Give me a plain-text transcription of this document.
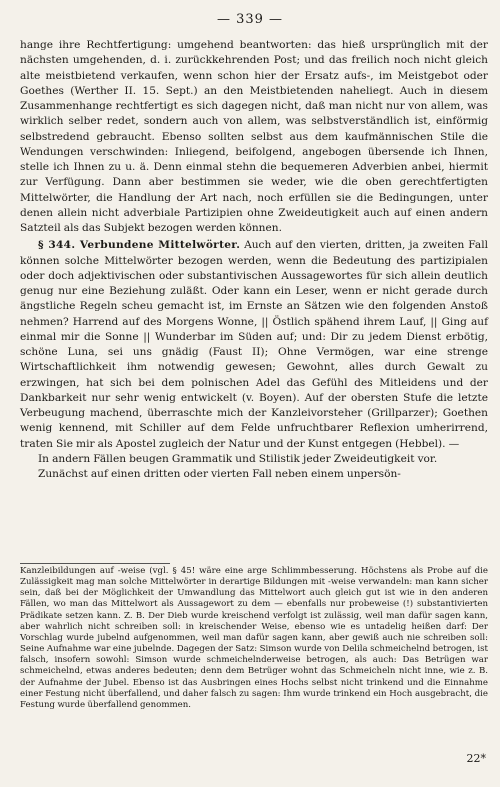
— 339 —

hange ihre Rechtfertigung: umgehend beantworten: das hieß ursprünglich mit der nächsten umgehenden, d. i. zurückkehrenden Post; und das freilich noch nicht gleich alte meistbietend verkaufen, wenn schon hier der Ersatz aufs-, im Meistgebot oder Goethes (Werther II. 15. Sept.) an den Meistbietenden naheliegt. Auch in diesem Zusammenhange rechtfertigt es sich dagegen nicht, daß man nicht nur von allem, was wirklich selber redet, sondern auch von allem, was selbstverständlich ist, einförmig selbstredend gebraucht. Ebenso sollten selbst aus dem kaufmännischen Stile die Wendungen verschwinden: Inliegend, beifolgend, angebogen übersende ich Ihnen, stelle ich Ihnen zu u. ä. Denn einmal stehn die bequemeren Adverbien anbei, hiermit zur Verfügung. Dann aber bestimmen sie weder, wie die oben gerechtfertigten Mittelwörter, die Handlung der Art nach, noch erfüllen sie die Bedingungen, unter denen allein nicht adverbiale Partizipien ohne Zweideutigkeit auch auf einen andern Satzteil als das Subjekt bezogen werden können.

§ 344. Verbundene Mittelwörter. Auch auf den vierten, dritten, ja zweiten Fall können solche Mittelwörter bezogen werden, wenn die Bedeutung des partizipialen oder doch adjektivischen oder substantivischen Aussagewortes für sich allein deutlich genug nur eine Beziehung zuläßt. Oder kann ein Leser, wenn er nicht gerade durch ängstliche Regeln scheu gemacht ist, im Ernste an Sätzen wie den folgenden Anstoß nehmen? Harrend auf des Morgens Wonne, || Östlich spähend ihrem Lauf, || Ging auf einmal mir die Sonne || Wunderbar im Süden auf; und: Dir zu jedem Dienst erbötig, schöne Luna, sei uns gnädig (Faust II); Ohne Vermögen, war eine strenge Wirtschaftlichkeit ihm notwendig gewesen; Gewohnt, alles durch Gewalt zu erzwingen, hat sich bei dem polnischen Adel das Gefühl des Mitleidens und der Dankbarkeit nur sehr wenig entwickelt (v. Boyen). Auf der obersten Stufe die letzte Verbeugung machend, überraschte mich der Kanzleivorsteher (Grillparzer); Goethen wenig kennend, mit Schiller auf dem Felde unfruchtbarer Reflexion umherirrend, traten Sie mir als Apostel zugleich der Natur und der Kunst entgegen (Hebbel). —

In andern Fällen beugen Grammatik und Stilistik jeder Zweideutigkeit vor.

Zunächst auf einen dritten oder vierten Fall neben einem unpersön-

Kanzleibildungen auf -weise (vgl. § 45! wäre eine arge Schlimmbesserung. Höchstens als Probe auf die Zulässigkeit mag man solche Mittelwörter in derartige Bildungen mit -weise verwandeln: man kann sicher sein, daß bei der Möglichkeit der Umwandlung das Mittelwort auch gleich gut ist wie in den anderen Fällen, wo man das Mittelwort als Aussagewort zu dem — ebenfalls nur probeweise (!) substantivierten Prädikate setzen kann. Z. B. Der Dieb wurde kreischend verfolgt ist zulässig, weil man dafür sagen kann, aber wahrlich nicht schreiben soll: in kreischender Weise, ebenso wie es untadelig heißen darf: Der Vorschlag wurde jubelnd aufgenommen, weil man dafür sagen kann, aber gewiß auch nie schreiben soll: Seine Aufnahme war eine jubelnde. Dagegen der Satz: Simson wurde von Delila schmeichelnd betrogen, ist falsch, insofern sowohl: Simson wurde schmeichelnderweise betrogen, als auch: Das Betrügen war schmeichelnd, etwas anderes bedeuten; denn dem Betrüger wohnt das Schmeicheln nicht inne, wie z. B. der Aufnahme der Jubel. Ebenso ist das Ausbringen eines Hochs selbst nicht trinkend und die Einnahme einer Festung nicht überfallend, und daher falsch zu sagen: Ihm wurde trinkend ein Hoch ausgebracht, die Festung wurde überfallend genommen.

22*
